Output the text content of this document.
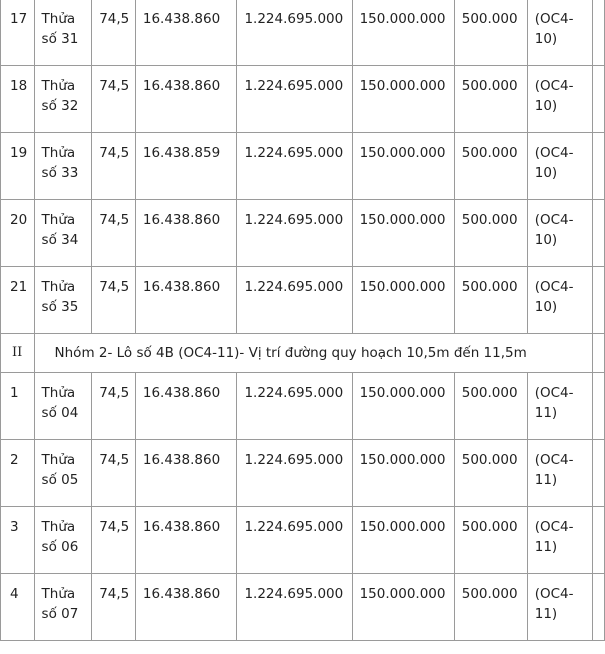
17	Thửa số 31	74,5	16.438.860	1.224.695.000	150.000.000	500.000	(OC4-10)	
18	Thửa số 32	74,5	16.438.860	1.224.695.000	150.000.000	500.000	(OC4-10)	
19	Thửa số 33	74,5	16.438.859	1.224.695.000	150.000.000	500.000	(OC4-10)	
20	Thửa số 34	74,5	16.438.860	1.224.695.000	150.000.000	500.000	(OC4-10)	
21	Thửa số 35	74,5	16.438.860	1.224.695.000	150.000.000	500.000	(OC4-10)	
II	Nhóm 2- Lô số 4B (OC4-11)- Vị trí đường quy hoạch 10,5m đến 11,5m							
1	Thửa số 04	74,5	16.438.860	1.224.695.000	150.000.000	500.000	(OC4-11)	
2	Thửa số 05	74,5	16.438.860	1.224.695.000	150.000.000	500.000	(OC4-11)	
3	Thửa số 06	74,5	16.438.860	1.224.695.000	150.000.000	500.000	(OC4-11)	
4	Thửa số 07	74,5	16.438.860	1.224.695.000	150.000.000	500.000	(OC4-11)	
